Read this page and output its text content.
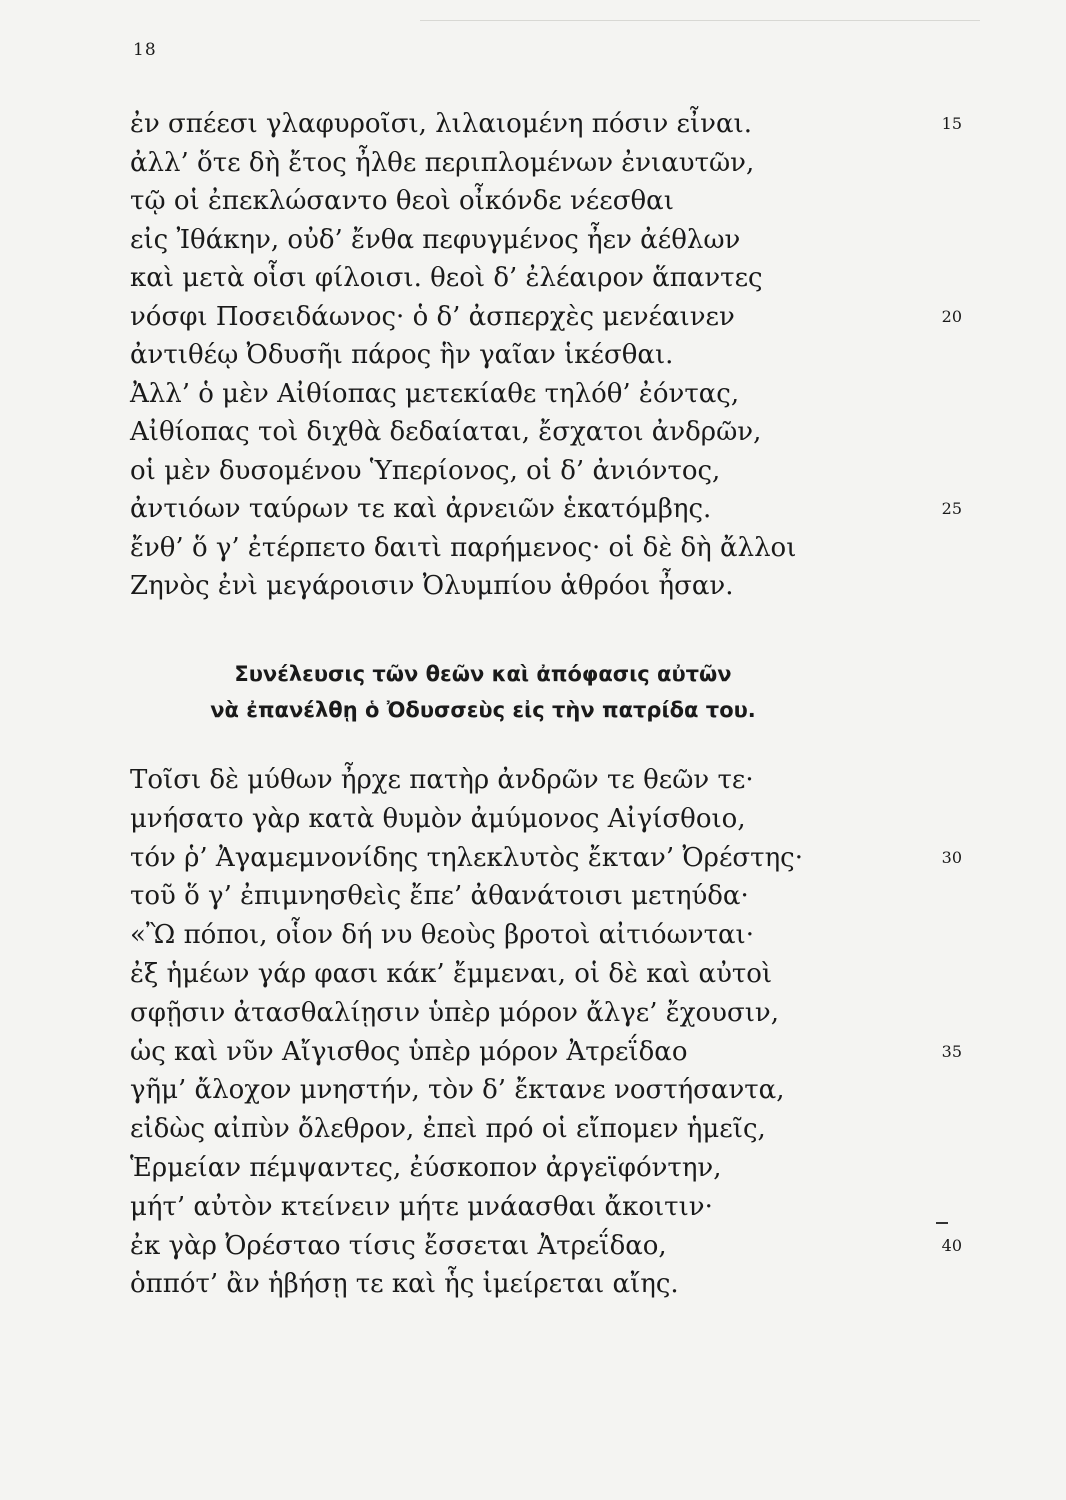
18
ἐν σπέεσι γλαφυροῖσι, λιλαιομένη πόσιν εἶναι.	15
ἀλλ’ ὅτε δὴ ἔτος ἦλθε περιπλομένων ἐνιαυτῶν,
τῷ οἱ ἐπεκλώσαντο θεοὶ οἶκόνδε νέεσθαι
εἰς Ἰθάκην, οὐδ’ ἔνθα πεφυγμένος ἦεν ἀέθλων
καὶ μετὰ οἷσι φίλοισι. θεοὶ δ’ ἐλέαιρον ἅπαντες
νόσφι Ποσειδάωνος· ὁ δ’ ἀσπερχὲς μενέαινεν	20
ἀντιθέῳ Ὀδυσῆι πάρος ἣν γαῖαν ἱκέσθαι.
Ἀλλ’ ὁ μὲν Αἰθίοπας μετεκίαθε τηλόθ’ ἐόντας,
Αἰθίοπας τοὶ διχθὰ δεδαίαται, ἔσχατοι ἀνδρῶν,
οἱ μὲν δυσομένου Ὑπερίονος, οἱ δ’ ἀνιόντος,
ἀντιόων ταύρων τε καὶ ἀρνειῶν ἑκατόμβης.	25
ἔνθ’ ὅ γ’ ἐτέρπετο δαιτὶ παρήμενος· οἱ δὲ δὴ ἄλλοι
Ζηνὸς ἐνὶ μεγάροισιν Ὀλυμπίου ἁθρόοι ἦσαν.
Συνέλευσις τῶν θεῶν καὶ ἀπόφασις αὐτῶν
νὰ ἐπανέλθῃ ὁ Ὀδυσσεὺς εἰς τὴν πατρίδα του.
Τοῖσι δὲ μύθων ἦρχε πατὴρ ἀνδρῶν τε θεῶν τε·
μνήσατο γὰρ κατὰ θυμὸν ἀμύμονος Αἰγίσθοιο,
τόν ῥ’ Ἀγαμεμνονίδης τηλεκλυτὸς ἔκταν’ Ὀρέστης·	30
τοῦ ὅ γ’ ἐπιμνησθεὶς ἔπε’ ἀθανάτοισι μετηύδα·
«Ὢ πόποι, οἷον δή νυ θεοὺς βροτοὶ αἰτιόωνται·
ἐξ ἡμέων γάρ φασι κάκ’ ἔμμεναι, οἱ δὲ καὶ αὐτοὶ
σφῇσιν ἀτασθαλίῃσιν ὑπὲρ μόρον ἄλγε’ ἔχουσιν,
ὡς καὶ νῦν Αἴγισθος ὑπὲρ μόρον Ἀτρεΐδαο	35
γῆμ’ ἄλοχον μνηστήν, τὸν δ’ ἔκτανε νοστήσαντα,
εἰδὼς αἰπὺν ὄλεθρον, ἐπεὶ πρό οἱ εἴπομεν ἡμεῖς,
Ἑρμείαν πέμψαντες, ἐύσκοπον ἀργεϊφόντην,
μήτ’ αὐτὸν κτείνειν μήτε μνάασθαι ἄκοιτιν·
ἐκ γὰρ Ὀρέσταο τίσις ἔσσεται Ἀτρεΐδαο,	40
ὁππότ’ ἂν ἡβήσῃ τε καὶ ἧς ἱμείρεται αἴης.
